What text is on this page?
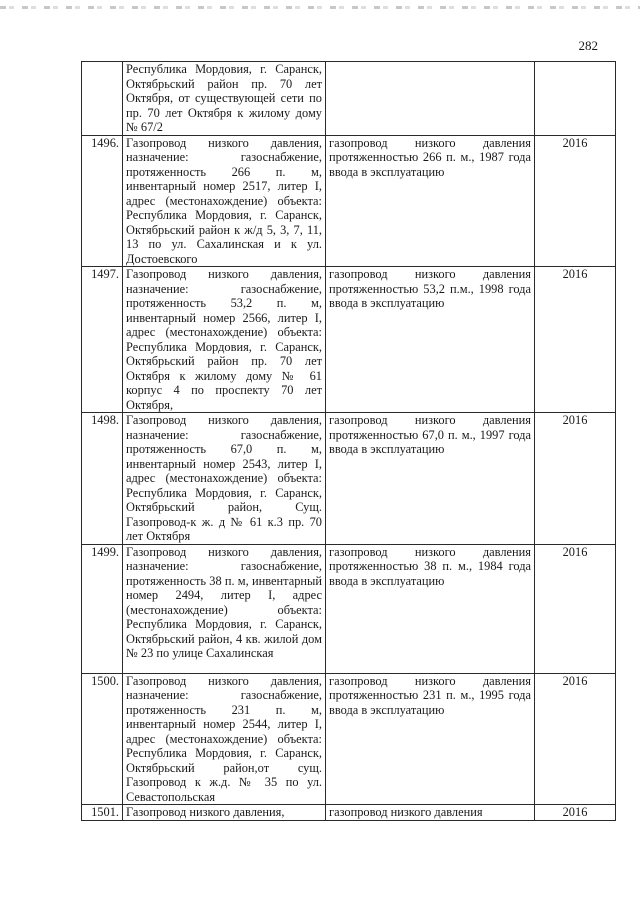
282

	Республика Мордовия, г. Саранск, Октябрьский район пр. 70 лет Октября, от существующей сети по пр. 70 лет Октября к жилому дому № 67/2		

1496.	Газопровод низкого давления, назначение: газоснабжение, протяженность 266 п. м, инвентарный номер 2517, литер I, адрес (местонахождение) объекта: Республика Мордовия, г. Саранск, Октябрьский район к ж/д 5, 3, 7, 11, 13 по ул. Сахалинская и к ул. Достоевского	газопровод низкого давления протяженностью 266 п. м., 1987 года ввода в эксплуатацию	2016
1497.	Газопровод низкого давления, назначение: газоснабжение, протяженность 53,2 п. м, инвентарный номер 2566, литер I, адрес (местонахождение) объекта: Республика Мордовия, г. Саранск, Октябрьский район пр. 70 лет Октября к жилому дому № 61 корпус 4 по проспекту 70 лет Октября,	газопровод низкого давления протяженностью 53,2 п.м., 1998 года ввода в эксплуатацию	2016
1498.	Газопровод низкого давления, назначение: газоснабжение, протяженность 67,0 п. м, инвентарный номер 2543, литер I, адрес (местонахождение) объекта: Республика Мордовия, г. Саранск, Октябрьский район, Сущ. Газопровод-к ж. д № 61 к.3 пр. 70 лет Октября	газопровод низкого давления протяженностью 67,0 п. м., 1997 года ввода в эксплуатацию	2016
1499.	Газопровод низкого давления, назначение: газоснабжение, протяженность 38 п. м, инвентарный номер 2494, литер I, адрес (местонахождение) объекта: Республика Мордовия, г. Саранск, Октябрьский район, 4 кв. жилой дом № 23 по улице Сахалинская	газопровод низкого давления протяженностью 38 п. м., 1984 года ввода в эксплуатацию	2016
1500.	Газопровод низкого давления, назначение: газоснабжение, протяженность 231 п. м, инвентарный номер 2544, литер I, адрес (местонахождение) объекта: Республика Мордовия, г. Саранск, Октябрьский район,от сущ. Газопровод к ж.д. № 35 по ул. Севастопольская	газопровод низкого давления протяженностью 231 п. м., 1995 года ввода в эксплуатацию	2016
1501.	Газопровод низкого давления,	газопровод низкого давления	2016
